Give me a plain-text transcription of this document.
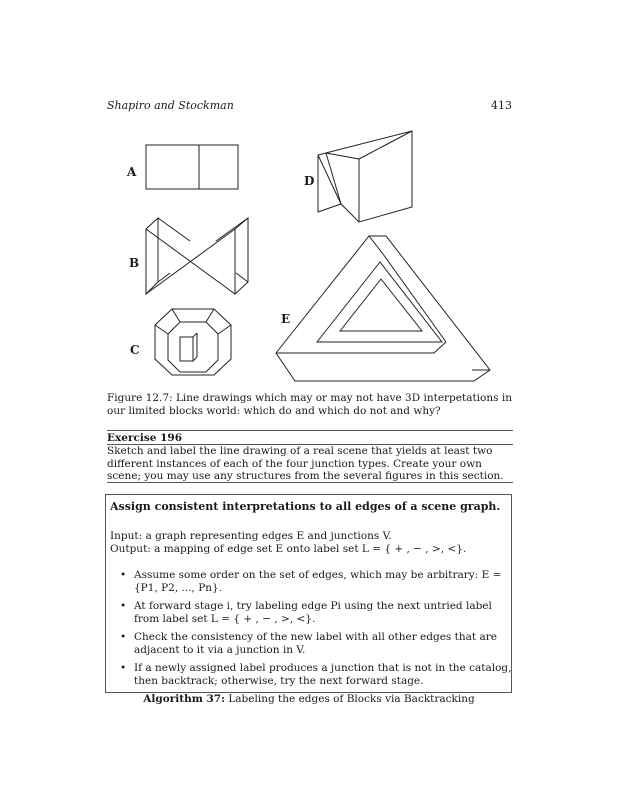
Shapiro and Stockman	413
A
D
B
E
C
Figure 12.7: Line drawings which may or may not have 3D interpetations in our limited blocks world: which do and which do not and why?
Exercise 196
Sketch and label the line drawing of a real scene that yields at least two different instances of each of the four junction types. Create your own scene; you may use any structures from the several figures in this section.
Assign consistent interpretations to all edges of a scene graph.
Input: a graph representing edges E and junctions V.
Output: a mapping of edge set E onto label set L = { + , − , >, <}.
• Assume some order on the set of edges, which may be arbitrary: E = {P1, P2, ..., Pn}.
• At forward stage i, try labeling edge Pi using the next untried label from label set L = { + , − , >, <}.
• Check the consistency of the new label with all other edges that are adjacent to it via a junction in V.
• If a newly assigned label produces a junction that is not in the catalog, then backtrack; otherwise, try the next forward stage.
Algorithm 37: Labeling the edges of Blocks via Backtracking
